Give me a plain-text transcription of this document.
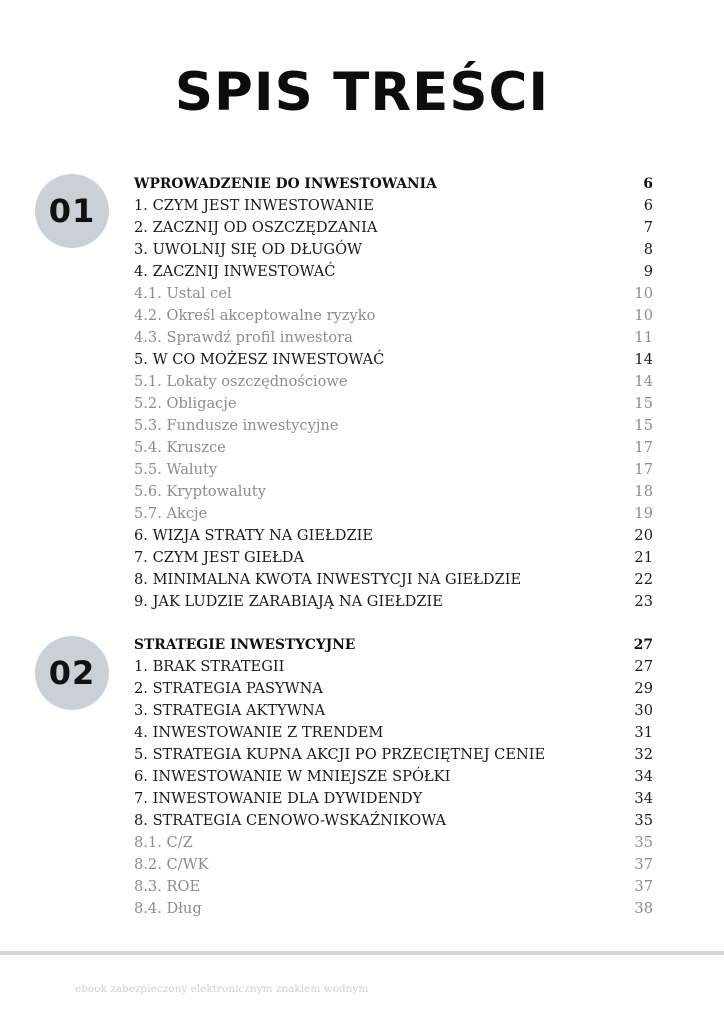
SPIS TREŚCI
01
WPROWADZENIE DO INWESTOWANIA	6
1. CZYM JEST INWESTOWANIE	6
2. ZACZNIJ OD OSZCZĘDZANIA	7
3. UWOLNIJ SIĘ OD DŁUGÓW	8
4. ZACZNIJ INWESTOWAĆ	9
4.1. Ustal cel	10
4.2. Określ akceptowalne ryzyko	10
4.3. Sprawdź profil inwestora	11
5. W CO MOŻESZ INWESTOWAĆ	14
5.1. Lokaty oszczędnościowe	14
5.2. Obligacje	15
5.3. Fundusze inwestycyjne	15
5.4. Kruszce	17
5.5. Waluty	17
5.6. Kryptowaluty	18
5.7. Akcje	19
6. WIZJA STRATY NA GIEŁDZIE	20
7. CZYM JEST GIEŁDA	21
8. MINIMALNA KWOTA INWESTYCJI NA GIEŁDZIE	22
9. JAK LUDZIE ZARABIAJĄ NA GIEŁDZIE	23
02
STRATEGIE INWESTYCYJNE	27
1. BRAK STRATEGII	27
2. STRATEGIA PASYWNA	29
3. STRATEGIA AKTYWNA	30
4. INWESTOWANIE Z TRENDEM	31
5. STRATEGIA KUPNA AKCJI PO PRZECIĘTNEJ CENIE	32
6. INWESTOWANIE W MNIEJSZE SPÓŁKI	34
7. INWESTOWANIE DLA DYWIDENDY	34
8. STRATEGIA CENOWO-WSKAŹNIKOWA	35
8.1. C/Z	35
8.2. C/WK	37
8.3. ROE	37
8.4. Dług	38
ebook zabezpieczony elektronicznym znakiem wodnym
